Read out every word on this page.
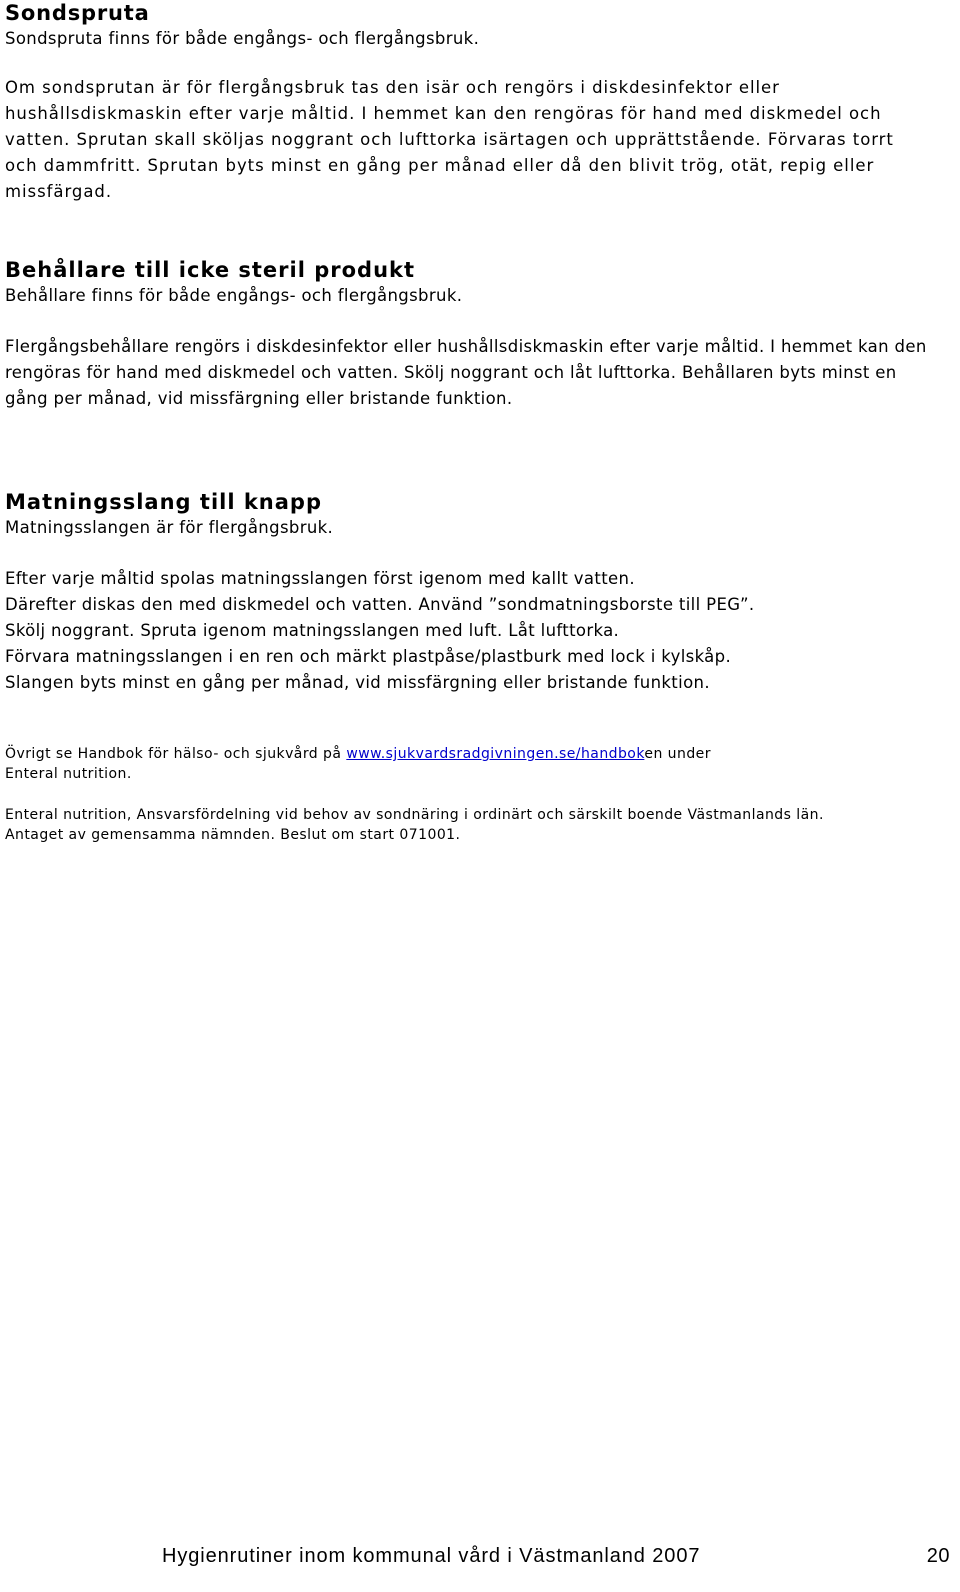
Sondspruta
Sondspruta finns för både engångs- och flergångsbruk.
Om sondsprutan är för flergångsbruk tas den isär och rengörs i diskdesinfektor eller hushållsdiskmaskin efter varje måltid. I hemmet kan den rengöras för hand med diskmedel och vatten. Sprutan skall sköljas noggrant och lufttorka isärtagen och upprättstående. Förvaras torrt och dammfritt. Sprutan byts minst en gång per månad eller då den blivit trög, otät, repig eller missfärgad.
Behållare till icke steril produkt
Behållare finns för både engångs- och flergångsbruk.
Flergångsbehållare rengörs i diskdesinfektor eller hushållsdiskmaskin efter varje måltid. I hemmet kan den rengöras för hand med diskmedel och vatten. Skölj noggrant och låt lufttorka. Behållaren byts minst en gång per månad, vid missfärgning eller bristande funktion.
Matningsslang till knapp
Matningsslangen är för flergångsbruk.
Efter varje måltid spolas matningsslangen först igenom med kallt vatten.
Därefter diskas den med diskmedel och vatten. Använd ”sondmatningsborste till PEG”.
Skölj noggrant. Spruta igenom matningsslangen med luft. Låt lufttorka.
Förvara matningsslangen i en ren och märkt plastpåse/plastburk med lock i kylskåp.
Slangen byts minst en gång per månad, vid missfärgning eller bristande funktion.
Övrigt se Handbok för hälso- och sjukvård på www.sjukvardsradgivningen.se/handboken under
Enteral nutrition.
Enteral nutrition, Ansvarsfördelning vid behov av sondnäring i ordinärt och särskilt boende Västmanlands län.
Antaget av gemensamma nämnden. Beslut om start 071001.
Hygienrutiner inom kommunal vård i Västmanland 2007	20
